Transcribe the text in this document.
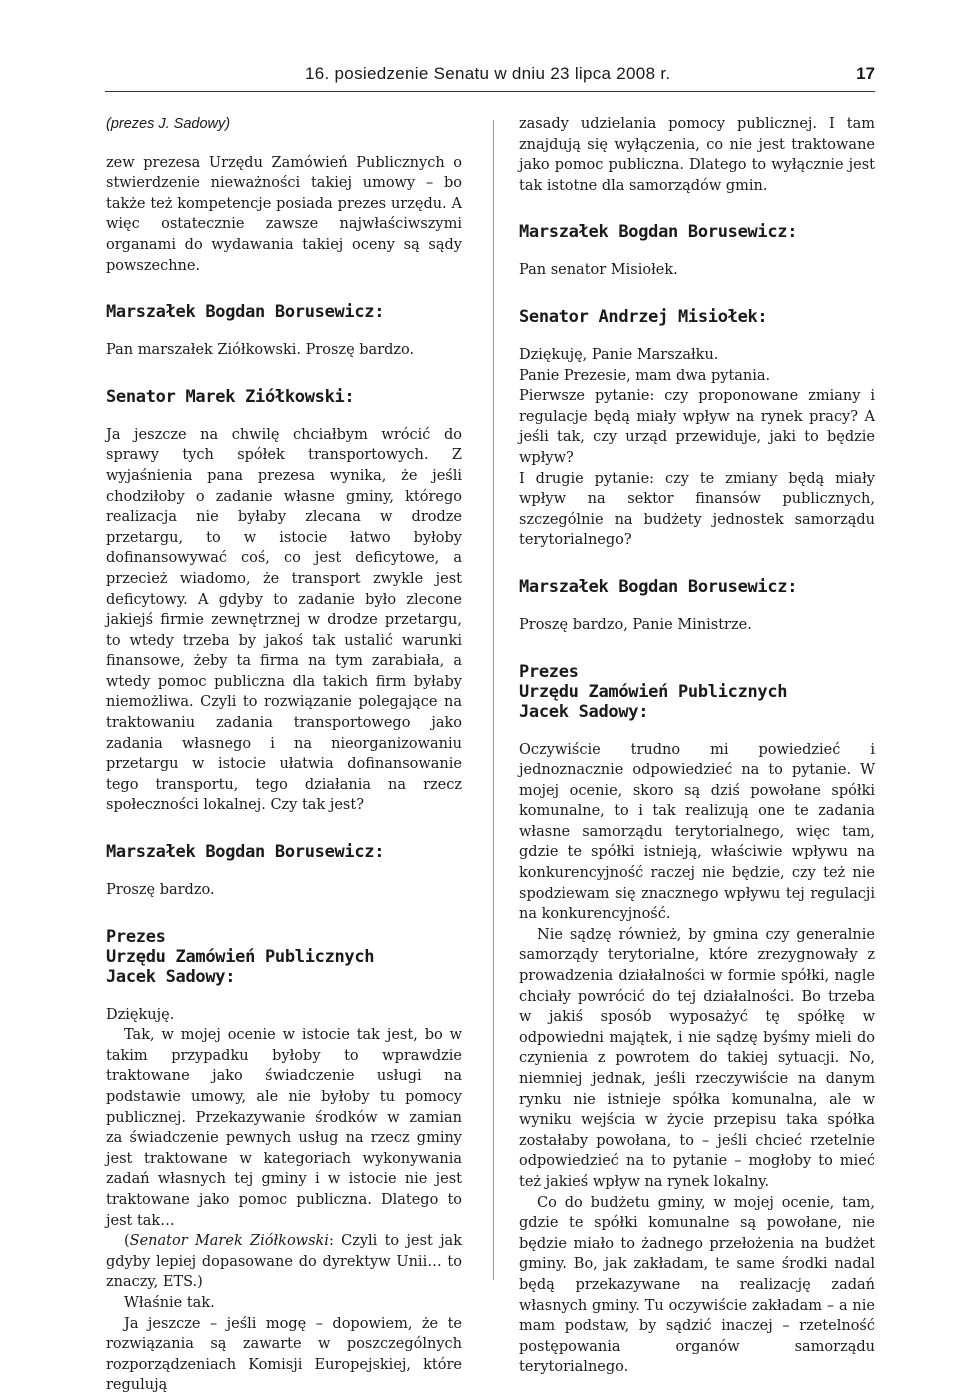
16. posiedzenie Senatu w dniu 23 lipca 2008 r.	17
(prezes J. Sadowy)

zew prezesa Urzędu Zamówień Publicznych o stwierdzenie nieważności takiej umowy – bo także też kompetencje posiada prezes urzędu. A więc ostatecznie zawsze najwłaściwszymi organami do wydawania takiej oceny są sądy powszechne.

Marszałek Bogdan Borusewicz:

Pan marszałek Ziółkowski. Proszę bardzo.

Senator Marek Ziółkowski:

Ja jeszcze na chwilę chciałbym wrócić do sprawy tych spółek transportowych. Z wyjaśnienia pana prezesa wynika, że jeśli chodziłoby o zadanie własne gminy, którego realizacja nie byłaby zlecana w drodze przetargu, to w istocie łatwo byłoby dofinansowywać coś, co jest deficytowe, a przecież wiadomo, że transport zwykle jest deficytowy. A gdyby to zadanie było zlecone jakiejś firmie zewnętrznej w drodze przetargu, to wtedy trzeba by jakoś tak ustalić warunki finansowe, żeby ta firma na tym zarabiała, a wtedy pomoc publiczna dla takich firm byłaby niemożliwa. Czyli to rozwiązanie polegające na traktowaniu zadania transportowego jako zadania własnego i na nieorganizowaniu przetargu w istocie ułatwia dofinansowanie tego transportu, tego działania na rzecz społeczności lokalnej. Czy tak jest?

Marszałek Bogdan Borusewicz:

Proszę bardzo.

Prezes
Urzędu Zamówień Publicznych
Jacek Sadowy:

Dziękuję.

Tak, w mojej ocenie w istocie tak jest, bo w takim przypadku byłoby to wprawdzie traktowane jako świadczenie usługi na podstawie umowy, ale nie byłoby tu pomocy publicznej. Przekazywanie środków w zamian za świadczenie pewnych usług na rzecz gminy jest traktowane w kategoriach wykonywania zadań własnych tej gminy i w istocie nie jest traktowane jako pomoc publiczna. Dlatego to jest tak…

(Senator Marek Ziółkowski: Czyli to jest jak gdyby lepiej dopasowane do dyrektyw Unii… to znaczy, ETS.)

Właśnie tak.

Ja jeszcze – jeśli mogę – dopowiem, że te rozwiązania są zawarte w poszczególnych rozporządzeniach Komisji Europejskiej, które regulują

zasady udzielania pomocy publicznej. I tam znajdują się wyłączenia, co nie jest traktowane jako pomoc publiczna. Dlatego to wyłącznie jest tak istotne dla samorządów gmin.

Marszałek Bogdan Borusewicz:

Pan senator Misiołek.

Senator Andrzej Misiołek:

Dziękuję, Panie Marszałku.

Panie Prezesie, mam dwa pytania.

Pierwsze pytanie: czy proponowane zmiany i regulacje będą miały wpływ na rynek pracy? A jeśli tak, czy urząd przewiduje, jaki to będzie wpływ?

I drugie pytanie: czy te zmiany będą miały wpływ na sektor finansów publicznych, szczególnie na budżety jednostek samorządu terytorialnego?

Marszałek Bogdan Borusewicz:

Proszę bardzo, Panie Ministrze.

Prezes
Urzędu Zamówień Publicznych
Jacek Sadowy:

Oczywiście trudno mi powiedzieć i jednoznacznie odpowiedzieć na to pytanie. W mojej ocenie, skoro są dziś powołane spółki komunalne, to i tak realizują one te zadania własne samorządu terytorialnego, więc tam, gdzie te spółki istnieją, właściwie wpływu na konkurencyjność raczej nie będzie, czy też nie spodziewam się znacznego wpływu tej regulacji na konkurencyjność.

Nie sądzę również, by gmina czy generalnie samorządy terytorialne, które zrezygnowały z prowadzenia działalności w formie spółki, nagle chciały powrócić do tej działalności. Bo trzeba w jakiś sposób wyposażyć tę spółkę w odpowiedni majątek, i nie sądzę byśmy mieli do czynienia z powrotem do takiej sytuacji. No, niemniej jednak, jeśli rzeczywiście na danym rynku nie istnieje spółka komunalna, ale w wyniku wejścia w życie przepisu taka spółka zostałaby powołana, to – jeśli chcieć rzetelnie odpowiedzieć na to pytanie – mogłoby to mieć też jakieś wpływ na rynek lokalny.

Co do budżetu gminy, w mojej ocenie, tam, gdzie te spółki komunalne są powołane, nie będzie miało to żadnego przełożenia na budżet gminy. Bo, jak zakładam, te same środki nadal będą przekazywane na realizację zadań własnych gminy. Tu oczywiście zakładam – a nie mam podstaw, by sądzić inaczej – rzetelność postępowania organów samorządu terytorialnego.
